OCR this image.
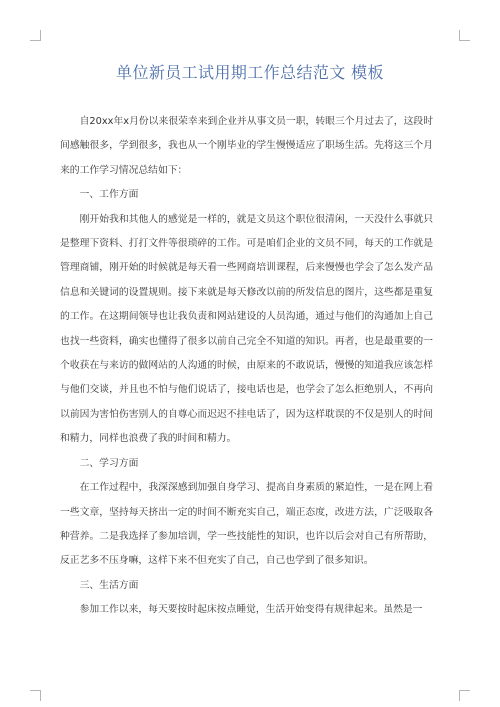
单位新员工试用期工作总结范文 模板

自20xx年x月份以来很荣幸来到企业并从事文员一职，转眼三个月过去了，这段时间感触很多，学到很多，我也从一个刚毕业的学生慢慢适应了职场生活。先将这三个月来的工作学习情况总结如下：

一、工作方面

刚开始我和其他人的感觉是一样的，就是文员这个职位很清闲，一天没什么事就只是整理下资料、打打文件等很琐碎的工作。可是咱们企业的文员不同，每天的工作就是管理商铺，刚开始的时候就是每天看一些网商培训课程，后来慢慢也学会了怎么发产品信息和关键词的设置规则。接下来就是每天修改以前的所发信息的图片，这些都是重复的工作。在这期间领导也让我负责和网站建设的人员沟通，通过与他们的沟通加上自己也找一些资料，确实也懂得了很多以前自己完全不知道的知识。再者，也是最重要的一个收获在与来访的做网站的人沟通的时候，由原来的不敢说话，慢慢的知道我应该怎样与他们交谈，并且也不怕与他们说话了，接电话也是，也学会了怎么拒绝别人，不再向以前因为害怕伤害别人的自尊心而迟迟不挂电话了，因为这样耽误的不仅是别人的时间和精力，同样也浪费了我的时间和精力。

二、学习方面

在工作过程中，我深深感到加强自身学习、提高自身素质的紧迫性，一是在网上看一些文章，坚持每天挤出一定的时间不断充实自己，端正态度，改进方法，广泛吸取各种营养。二是我选择了参加培训，学一些技能性的知识，也许以后会对自己有所帮助，反正艺多不压身嘛，这样下来不但充实了自己，自己也学到了很多知识。

三、生活方面

参加工作以来，每天要按时起床按点睡觉，生活开始变得有规律起来。虽然是一
